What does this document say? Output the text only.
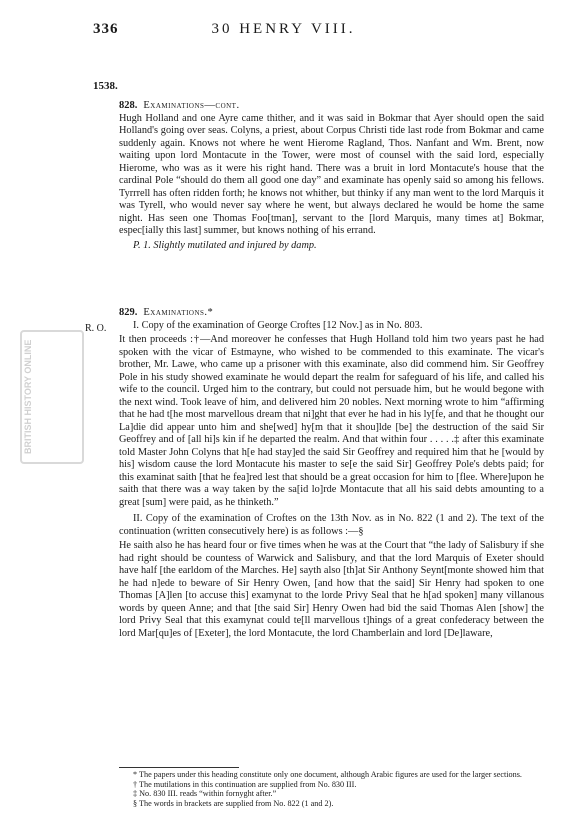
336	30 HENRY VIII.
1538.
BRITISH HISTORY ONLINE
828. Examinations—cont.

Hugh Holland and one Ayre came thither, and it was said in Bokmar that Ayer should open the said Holland's going over seas. Colyns, a priest, about Corpus Christi tide last rode from Bokmar and came suddenly again. Knows not where he went Hierome Ragland, Thos. Nanfant and Wm. Brent, now waiting upon lord Montacute in the Tower, were most of counsel with the said lord, especially Hierome, who was as it were his right hand. There was a bruit in lord Montacute's house that the cardinal Pole “should do them all good one day” and examinate has openly said so among his fellows. Tyrrrell has often ridden forth; he knows not whither, but thinky if any man went to the lord Marquis it was Tyrell, who would never say where he went, but always declared he would be home the same night. Has seen one Thomas Foo[tman], servant to the [lord Marquis, many times at] Bokmar, espec[ially this last] summer, but knows nothing of his errand.

P. 1. Slightly mutilated and injured by damp.

R. O.
829. Examinations.*

I. Copy of the examination of George Croftes [12 Nov.] as in No. 803.

It then proceeds :†—And moreover he confesses that Hugh Holland told him two years past he had spoken with the vicar of Estmayne, who wished to be commended to this examinate. The vicar's brother, Mr. Lawe, who came up a prisoner with this examinate, also did commend him. Sir Geoffrey Pole in his study showed examinate he would depart the realm for safeguard of his life, and called his wife to the council. Urged him to the contrary, but could not persuade him, but he would begone with the next wind. Took leave of him, and delivered him 20 nobles. Next morning wrote to him “affirming that he had t[he most marvellous dream that ni]ght that ever he had in his ly[fe, and that he thought our La]die did appear unto him and she[wed] hy[m that it shou]lde [be] the destruction of the said Sir Geoffrey and of [all hi]s kin if he departed the realm. And that within four . . . . .‡ after this examinate told Master John Colyns that h[e had stay]ed the said Sir Geoffrey and required him that he [would by his] wisdom cause the lord Montacute his master to se[e the said Sir] Geoffrey Pole's debts paid; for this examinat saith [that he fea]red lest that should be a great occasion for him to [flee. Where]upon he saith that there was a way taken by the sa[id lo]rde Montacute that all his said debts amounting to a great [sum] were paid, as he thinketh.”

II. Copy of the examination of Croftes on the 13th Nov. as in No. 822 (1 and 2). The text of the continuation (written consecutively here) is as follows :—§

He saith also he has heard four or five times when he was at the Court that “the lady of Salisbury if she had right should be countess of Warwick and Salisbury, and that the lord Marquis of Exeter should have half [the earldom of the Marches. He] sayth also [th]at Sir Anthony Seynt[monte showed him that he had n]ede to beware of Sir Henry Owen, [and how that the said] Sir Henry had spoken to one Thomas [A]len [to accuse this] examynat to the lorde Privy Seal that he h[ad spoken] many villanous words by queen Anne; and that [the said Sir] Henry Owen had bid the said Thomas Alen [show] the lord Privy Seal that this examynat could te[ll marvellous t]hings of a great confederacy between the lord Mar[qu]es of [Exeter], the lord Montacute, the lord Chamberlain and lord [De]laware,

* The papers under this heading constitute only one document, although Arabic figures are used for the larger sections.

† The mutilations in this continuation are supplied from No. 830 III.

‡ No. 830 III. reads “within fornyght after.”

§ The words in brackets are supplied from No. 822 (1 and 2).
